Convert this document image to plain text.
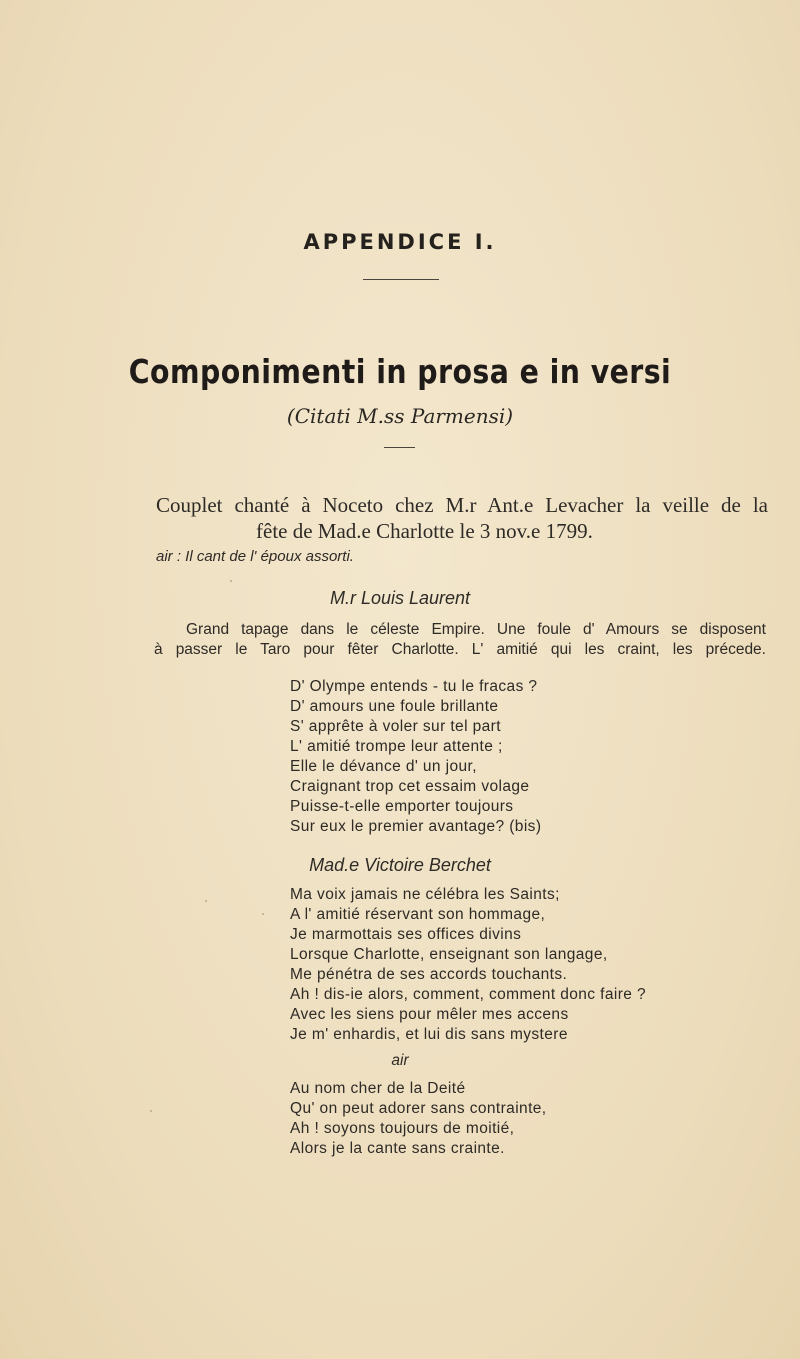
APPENDICE I.
Componimenti in prosa e in versi
(Citati M.ss Parmensi)
Couplet chanté à Noceto chez M.r Ant.e Levacher la veille de la
fête de Mad.e Charlotte le 3 nov.e 1799.
air : Il cant de l' époux assorti.
M.r Louis Laurent
Grand tapage dans le céleste Empire. Une foule d' Amours se disposent
à passer le Taro pour fêter Charlotte. L' amitié qui les craint, les précede.
D' Olympe entends - tu le fracas ?
D' amours une foule brillante
S' apprête à voler sur tel part
L' amitié trompe leur attente ;
Elle le dévance d' un jour,
Craignant trop cet essaim volage
Puisse-t-elle emporter toujours
Sur eux le premier avantage? (bis)
Mad.e Victoire Berchet
Ma voix jamais ne célébra les Saints;
A l' amitié réservant son hommage,
Je marmottais ses offices divins
Lorsque Charlotte, enseignant son langage,
Me pénétra de ses accords touchants.
Ah ! dis-ie alors, comment, comment donc faire ?
Avec les siens pour mêler mes accens
Je m' enhardis, et lui dis sans mystere
air
Au nom cher de la Deité
Qu' on peut adorer sans contrainte,
Ah ! soyons toujours de moitié,
Alors je la cante sans crainte.
